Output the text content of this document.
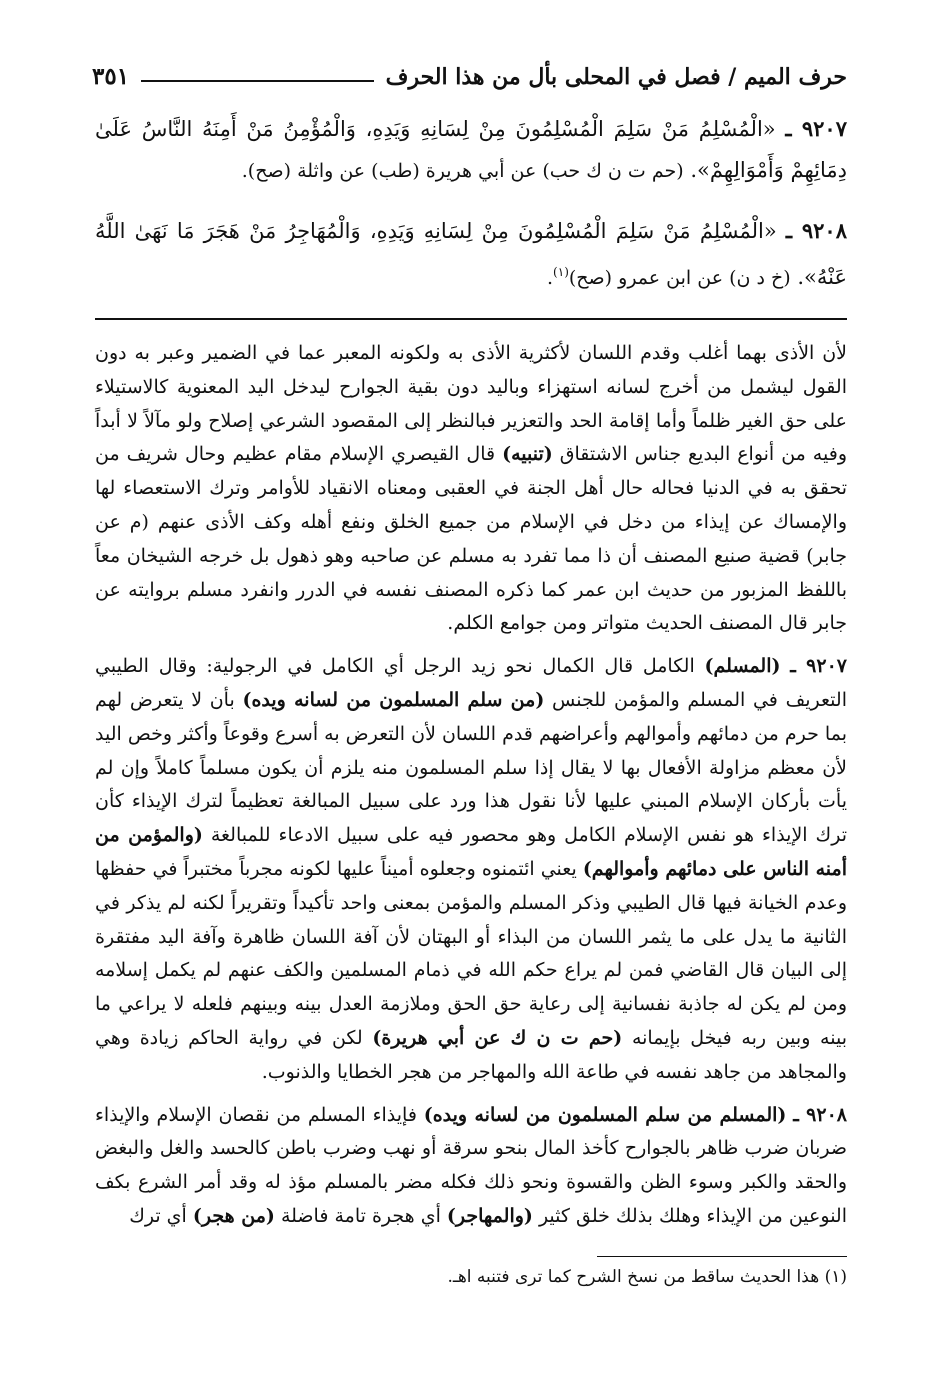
حرف الميم / فصل في المحلى بأل من هذا الحرف
٣٥١

٩٢٠٧ ـ «الْمُسْلِمُ مَنْ سَلِمَ الْمُسْلِمُونَ مِنْ لِسَانِهِ وَيَدِهِ، وَالْمُؤْمِنُ مَنْ أَمِنَهُ النَّاسُ عَلَىٰ دِمَائِهِمْ وَأَمْوَالِهِمْ». (حم ت ن ك حب) عن أبي هريرة (طب) عن واثلة (صح).

٩٢٠٨ ـ «الْمُسْلِمُ مَنْ سَلِمَ الْمُسْلِمُونَ مِنْ لِسَانِهِ وَيَدِهِ، وَالْمُهَاجِرُ مَنْ هَجَرَ مَا نَهَىٰ اللَّهُ عَنْهُ». (خ د ن) عن ابن عمرو (صح)$^{(١)}$.

لأن الأذى بهما أغلب وقدم اللسان لأكثرية الأذى به ولكونه المعبر عما في الضمير وعبر به دون القول ليشمل من أخرج لسانه استهزاء وباليد دون بقية الجوارح ليدخل اليد المعنوية كالاستيلاء على حق الغير ظلماً وأما إقامة الحد والتعزير فبالنظر إلى المقصود الشرعي إصلاح ولو مآلاً لا أبداً وفيه من أنواع البديع جناس الاشتقاق (تنبيه) قال القيصري الإسلام مقام عظيم وحال شريف من تحقق به في الدنيا فحاله حال أهل الجنة في العقبى ومعناه الانقياد للأوامر وترك الاستعصاء لها والإمساك عن إيذاء من دخل في الإسلام من جميع الخلق ونفع أهله وكف الأذى عنهم (م عن جابر) قضية صنيع المصنف أن ذا مما تفرد به مسلم عن صاحبه وهو ذهول بل خرجه الشيخان معاً باللفظ المزبور من حديث ابن عمر كما ذكره المصنف نفسه في الدرر وانفرد مسلم بروايته عن جابر قال المصنف الحديث متواتر ومن جوامع الكلم.

٩٢٠٧ ـ (المسلم) الكامل قال الكمال نحو زيد الرجل أي الكامل في الرجولية: وقال الطيبي التعريف في المسلم والمؤمن للجنس (من سلم المسلمون من لسانه ويده) بأن لا يتعرض لهم بما حرم من دمائهم وأموالهم وأعراضهم قدم اللسان لأن التعرض به أسرع وقوعاً وأكثر وخص اليد لأن معظم مزاولة الأفعال بها لا يقال إذا سلم المسلمون منه يلزم أن يكون مسلماً كاملاً وإن لم يأت بأركان الإسلام المبني عليها لأنا نقول هذا ورد على سبيل المبالغة تعظيماً لترك الإيذاء كأن ترك الإيذاء هو نفس الإسلام الكامل وهو محصور فيه على سبيل الادعاء للمبالغة (والمؤمن من أمنه الناس على دمائهم وأموالهم) يعني ائتمنوه وجعلوه أميناً عليها لكونه مجرباً مختبراً في حفظها وعدم الخيانة فيها قال الطيبي وذكر المسلم والمؤمن بمعنى واحد تأكيداً وتقريراً لكنه لم يذكر في الثانية ما يدل على ما يثمر اللسان من البذاء أو البهتان لأن آفة اللسان ظاهرة وآفة اليد مفتقرة إلى البيان قال القاضي فمن لم يراع حكم الله في ذمام المسلمين والكف عنهم لم يكمل إسلامه ومن لم يكن له جاذبة نفسانية إلى رعاية حق الحق وملازمة العدل بينه وبينهم فلعله لا يراعي ما بينه وبين ربه فيخل بإيمانه (حم ت ن ك عن أبي هريرة) لكن في رواية الحاكم زيادة وهي والمجاهد من جاهد نفسه في طاعة الله والمهاجر من هجر الخطايا والذنوب.

٩٢٠٨ ـ (المسلم من سلم المسلمون من لسانه ويده) فإيذاء المسلم من نقصان الإسلام والإيذاء ضربان ضرب ظاهر بالجوارح كأخذ المال بنحو سرقة أو نهب وضرب باطن كالحسد والغل والبغض والحقد والكبر وسوء الظن والقسوة ونحو ذلك فكله مضر بالمسلم مؤذ له وقد أمر الشرع بكف النوعين من الإيذاء وهلك بذلك خلق كثير (والمهاجر) أي هجرة تامة فاضلة (من هجر) أي ترك

(١) هذا الحديث ساقط من نسخ الشرح كما ترى فتنبه اهـ.
